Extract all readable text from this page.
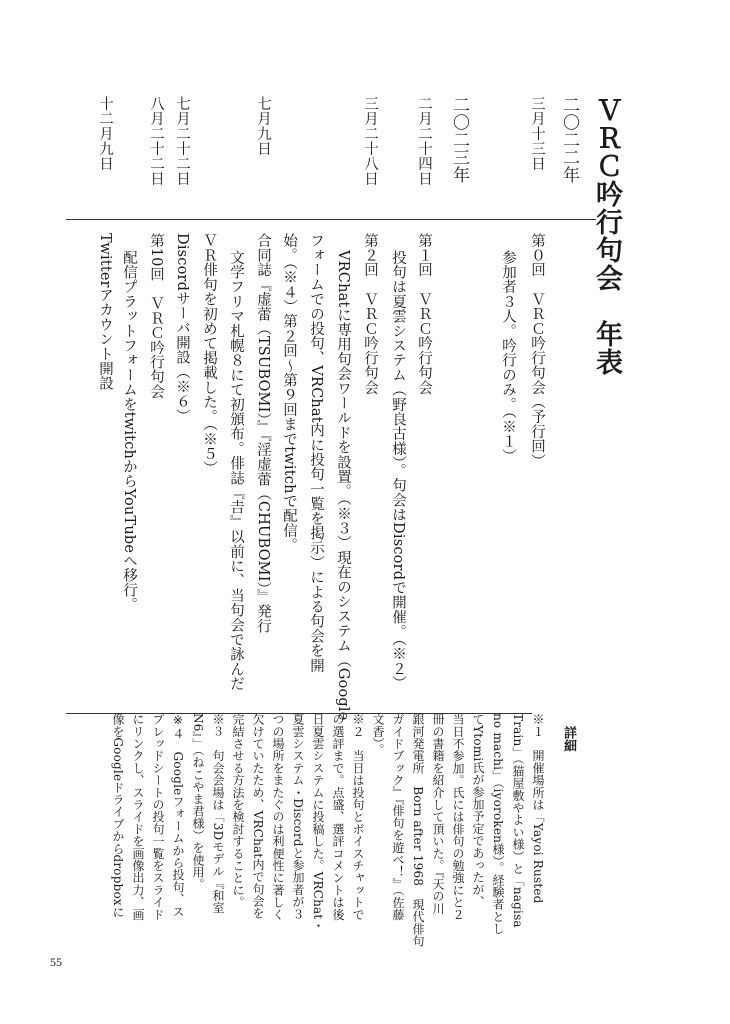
ＶＲＣ吟行句会　年表
二〇二二年
三月十三日
二〇二三年
二月二十四日
三月二十八日
七月九日
七月二十二日
八月二十二日
十二月九日
第０回　ＶＲＣ吟行句会（予行回）
参加者３人。吟行のみ。（※１）
第１回　ＶＲＣ吟行句会
投句は夏雲システム（野良古様）。句会はDiscordで開催。（※２）
第２回　ＶＲＣ吟行句会
VRChatに専用句会ワールドを設置。（※３）現在のシステム（Google
フォームでの投句、VRChat内に投句一覧を掲示）による句会を開
始。（※４）第２回〜第９回までtwitchで配信。
合同誌『虚蕾（TSUBOMI）』『淫虚蕾（CHUBOMI）』発行
文学フリマ札幌８にて初頒布。俳誌『𠮷』以前に、当句会で詠んだ
ＶＲ俳句を初めて掲載した。（※５）
Discordサーバ開設（※６）
第10回　ＶＲＣ吟行句会
配信プラットフォームをtwitchからYouTubeへ移行。
Twitterアカウント開設
詳細
※１　開催場所は「Yayoi Rusted
Train」（猫屋敷やよい様）と「nagisa
no machi」（iyoroken様）。経験者とし
てYtomi氏が参加予定であったが、
当日不参加。氏には俳句の勉強にと２
冊の書籍を紹介して頂いた。『天の川
銀河発電所　Born after 1968　現代俳句
ガイドブック』『俳句を遊べ！』（佐藤
文香）。
※２　当日は投句とボイスチャットで
の選評まで。点盛、選評コメントは後
日夏雲システムに投稿した。VRChat・
夏雲システム・Discordと参加者が３
つの場所をまたぐのは利便性に著しく
欠けていたため、VRChat内で句会を
完結させる方法を検討することに。
※３　句会会場は「3Dモデル『和室
N6』」（ねこやま君様）を使用。
※４　Googleフォームから投句、ス
プレッドシートの投句一覧をスライド
にリンクし、スライドを画像出力、画
像をGoogleドライブからdropboxに
55
